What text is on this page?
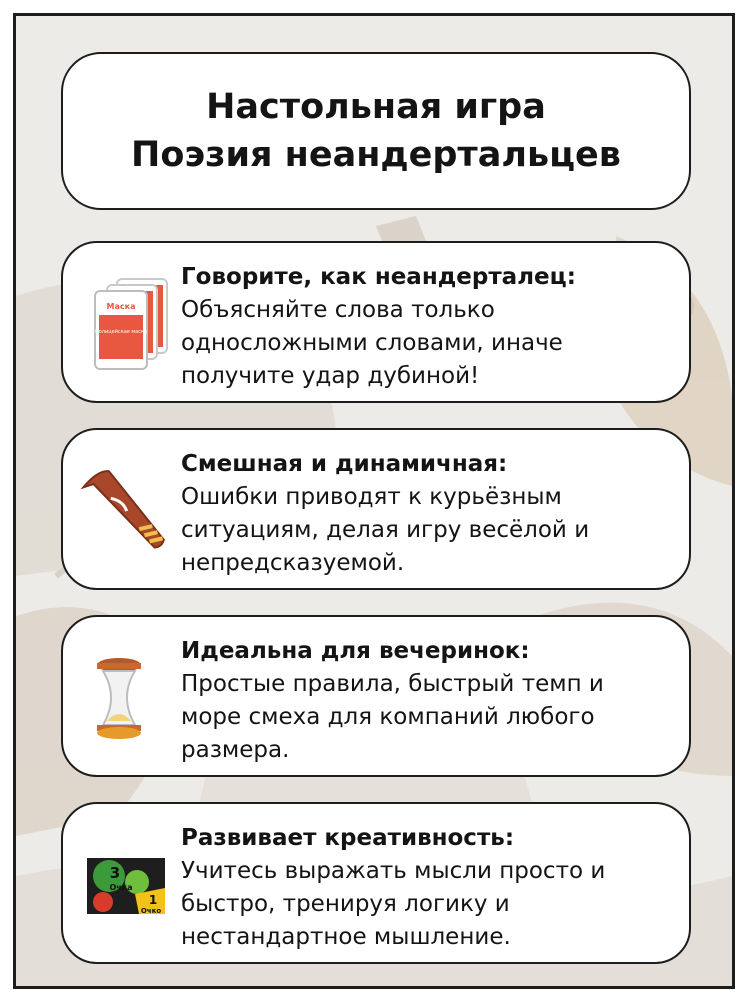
Настольная игра
Поэзия неандертальцев
Маска
Полицейская маска
Говорите, как неандерталец:
Объясняйте слова только
односложными словами, иначе
получите удар дубиной!
Смешная и динамичная:
Ошибки приводят к курьёзным
ситуациям, делая игру весёлой и
непредсказуемой.
Идеальна для вечеринок:
Простые правила, быстрый темп и
море смеха для компаний любого
размера.
3
Очка
1
Очко
Развивает креативность:
Учитесь выражать мысли просто и
быстро, тренируя логику и
нестандартное мышление.
